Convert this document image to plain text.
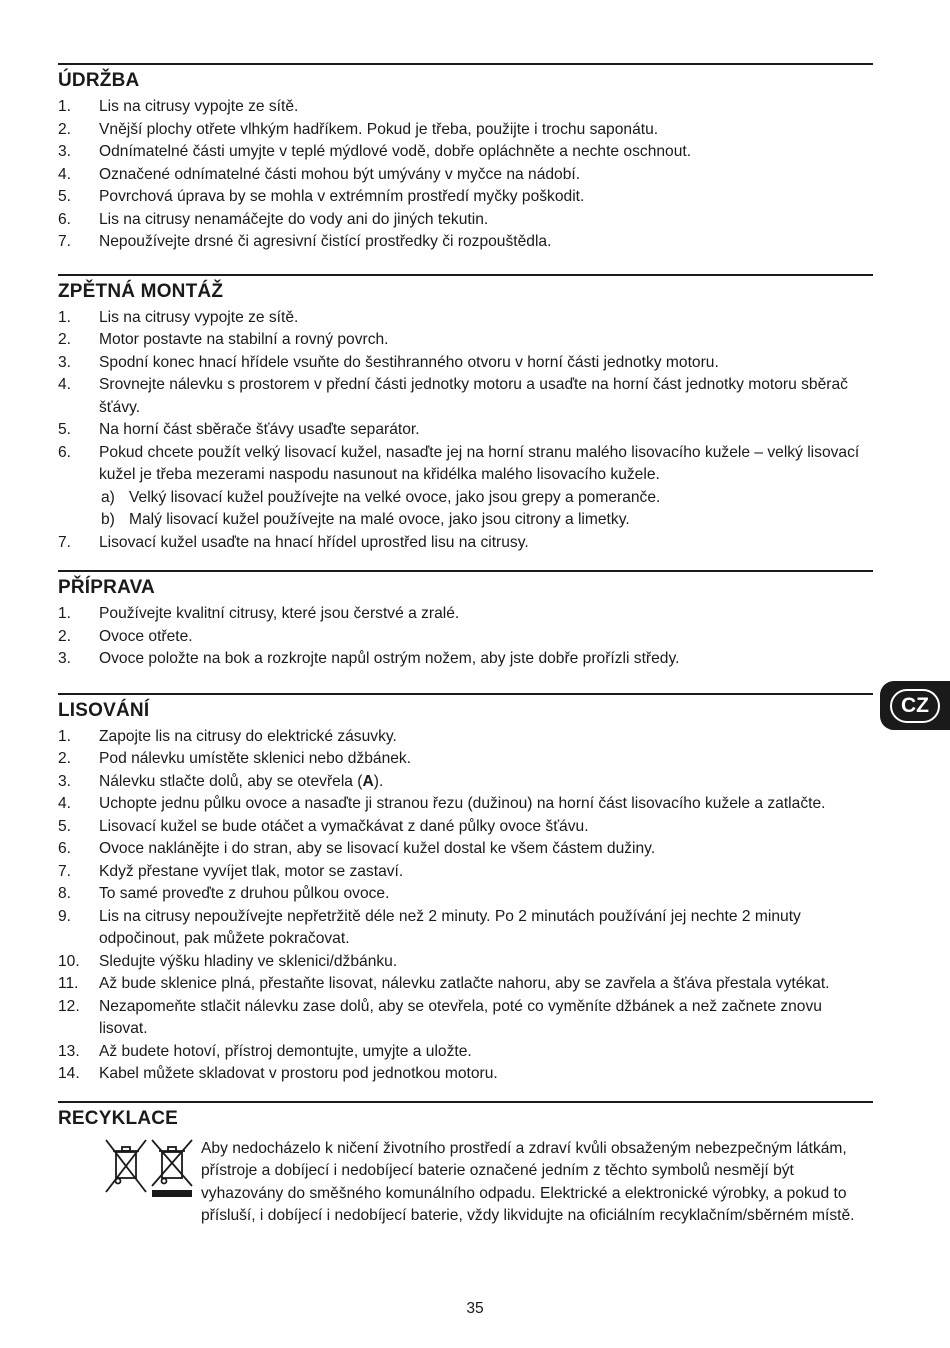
ÚDRŽBA
1.	Lis na citrusy vypojte ze sítě.
2.	Vnější plochy otřete vlhkým hadříkem. Pokud je třeba, použijte i trochu saponátu.
3.	Odnímatelné části umyjte v teplé mýdlové vodě, dobře opláchněte a nechte oschnout.
4.	Označené odnímatelné části mohou být umývány v myčce na nádobí.
5.	Povrchová úprava by se mohla v extrémním prostředí myčky poškodit.
6.	Lis na citrusy nenamáčejte do vody ani do jiných tekutin.
7.	Nepoužívejte drsné či agresivní čistící prostředky či rozpouštědla.
ZPĚTNÁ MONTÁŽ
1.	Lis na citrusy vypojte ze sítě.
2.	Motor postavte na stabilní a rovný povrch.
3.	Spodní konec hnací hřídele vsuňte do šestihranného otvoru v horní části jednotky motoru.
4.	Srovnejte nálevku s prostorem v přední části jednotky motoru a usaďte na horní část jednotky motoru sběrač šťávy.
5.	Na horní část sběrače šťávy usaďte separátor.
6.	Pokud chcete použít velký lisovací kužel, nasaďte jej na horní stranu malého lisovacího kužele – velký lisovací kužel je třeba mezerami naspodu nasunout na křidélka malého lisovacího kužele.
a) Velký lisovací kužel používejte na velké ovoce, jako jsou grepy a pomeranče.
b) Malý lisovací kužel používejte na malé ovoce, jako jsou citrony a limetky.
7.	Lisovací kužel usaďte na hnací hřídel uprostřed lisu na citrusy.
PŘÍPRAVA
1.	Používejte kvalitní citrusy, které jsou čerstvé a zralé.
2.	Ovoce otřete.
3.	Ovoce položte na bok a rozkrojte napůl ostrým nožem, aby jste dobře prořízli středy.
LISOVÁNÍ
1.	Zapojte lis na citrusy do elektrické zásuvky.
2.	Pod nálevku umístěte sklenici nebo džbánek.
3.	Nálevku stlačte dolů, aby se otevřela (A).
4.	Uchopte jednu půlku ovoce a nasaďte ji stranou řezu (dužinou) na horní část lisovacího kužele a zatlačte.
5.	Lisovací kužel se bude otáčet a vymačkávat z dané půlky ovoce šťávu.
6.	Ovoce naklánějte i do stran, aby se lisovací kužel dostal ke všem částem dužiny.
7.	Když přestane vyvíjet tlak, motor se zastaví.
8.	To samé proveďte z druhou půlkou ovoce.
9.	Lis na citrusy nepoužívejte nepřetržitě déle než 2 minuty. Po 2 minutách používání jej nechte 2 minuty odpočinout, pak můžete pokračovat.
10.	Sledujte výšku hladiny ve sklenici/džbánku.
11.	Až bude sklenice plná, přestaňte lisovat, nálevku zatlačte nahoru, aby se zavřela a šťáva přestala vytékat.
12.	Nezapomeňte stlačit nálevku zase dolů, aby se otevřela, poté co vyměníte džbánek a než začnete znovu lisovat.
13.	Až budete hotoví, přístroj demontujte, umyjte a uložte.
14.	Kabel můžete skladovat v prostoru pod jednotkou motoru.
RECYKLACE
Aby nedocházelo k ničení životního prostředí a zdraví kvůli obsaženým nebezpečným látkám, přístroje a dobíjecí i nedobíjecí baterie označené jedním z těchto symbolů nesmějí být vyhazovány do směšného komunálního odpadu. Elektrické a elektronické výrobky, a pokud to přísluší, i dobíjecí i nedobíjecí baterie, vždy likvidujte na oficiálním recyklačním/sběrném místě.
CZ
35
